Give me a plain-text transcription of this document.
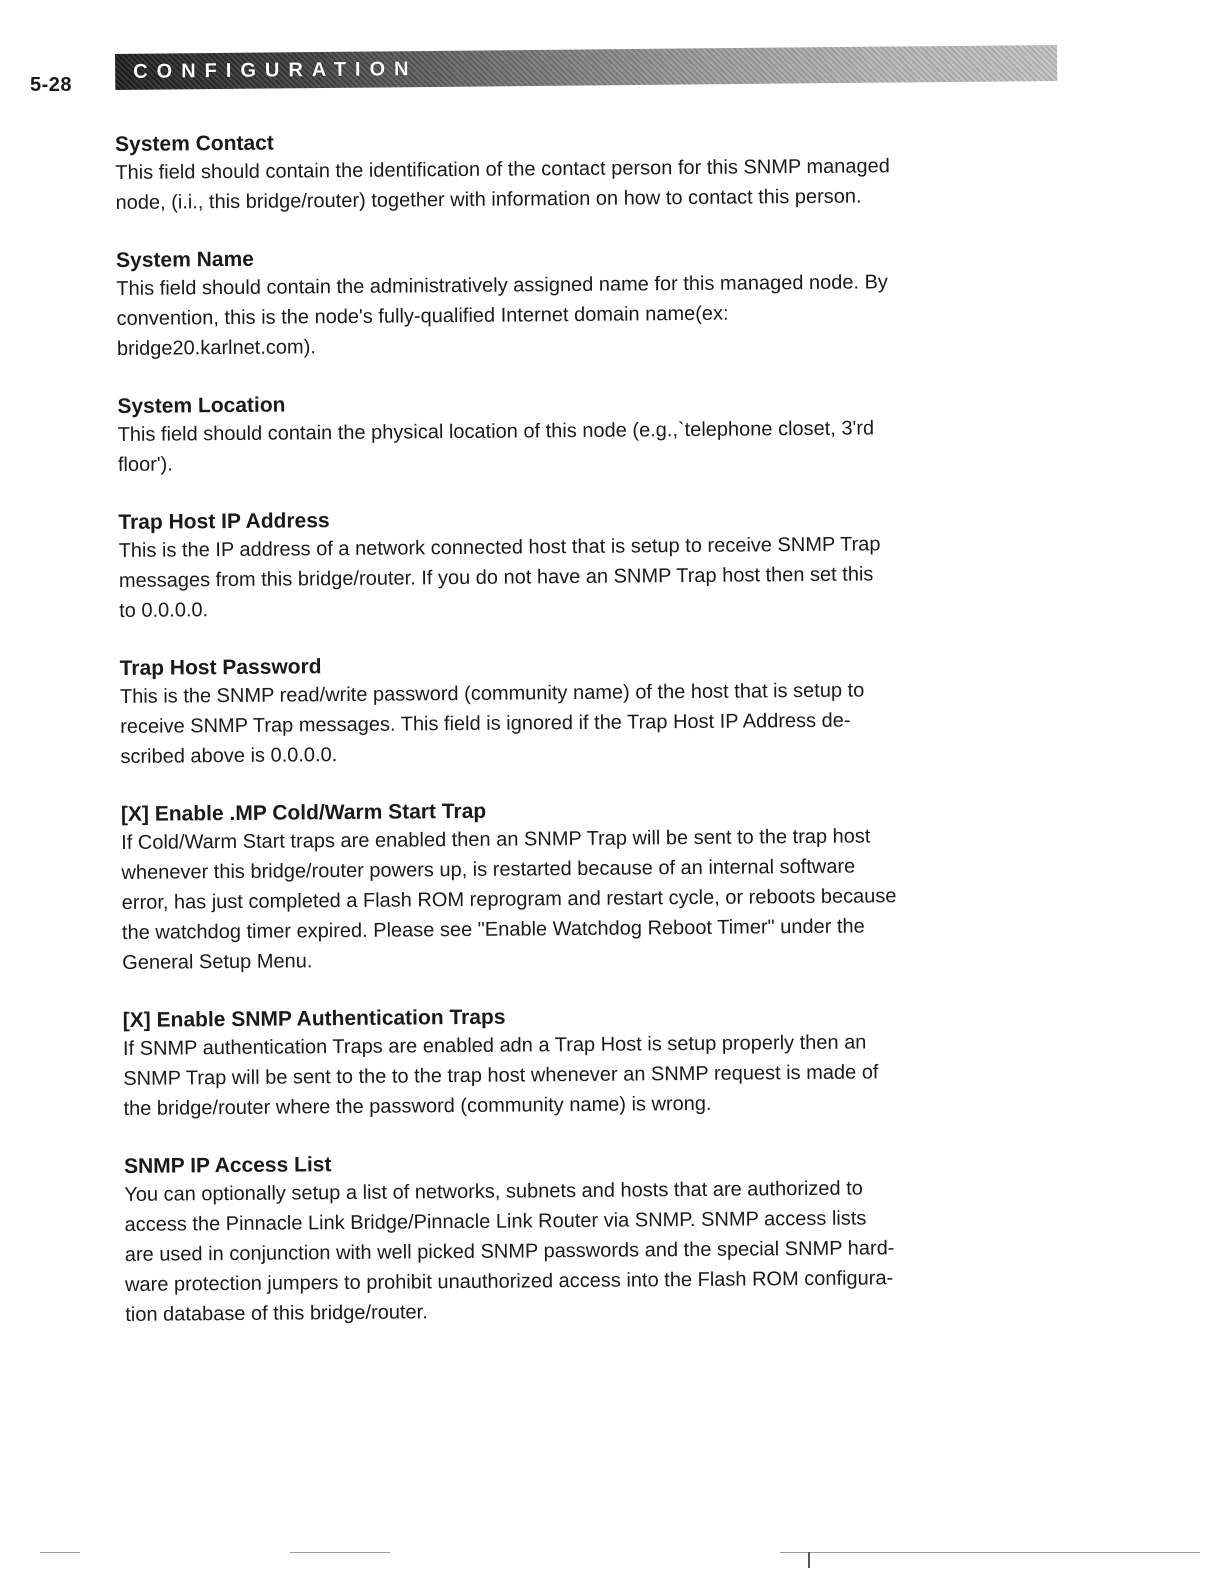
5-28
CONFIGURATION

System Contact

This field should contain the identification of the contact person for this SNMP managed
node, (i.i., this bridge/router) together with information on how to contact this person.

System Name

This field should contain the administratively assigned name for this managed node. By
convention, this is the node's fully-qualified Internet domain name(ex:
bridge20.karlnet.com).

System Location

This field should contain the physical location of this node (e.g.,`telephone closet, 3'rd
floor').

Trap Host IP Address

This is the IP address of a network connected host that is setup to receive SNMP Trap
messages from this bridge/router. If you do not have an SNMP Trap host then set this
to 0.0.0.0.

Trap Host Password

This is the SNMP read/write password (community name) of the host that is setup to
receive SNMP Trap messages. This field is ignored if the Trap Host IP Address de-
scribed above is 0.0.0.0.

[X] Enable .MP Cold/Warm Start Trap

If Cold/Warm Start traps are enabled then an SNMP Trap will be sent to the trap host
whenever this bridge/router powers up, is restarted because of an internal software
error, has just completed a Flash ROM reprogram and restart cycle, or reboots because
the watchdog timer expired. Please see "Enable Watchdog Reboot Timer" under the
General Setup Menu.

[X] Enable SNMP Authentication Traps

If SNMP authentication Traps are enabled adn a Trap Host is setup properly then an
SNMP Trap will be sent to the to the trap host whenever an SNMP request is made of
the bridge/router where the password (community name) is wrong.

SNMP IP Access List

You can optionally setup a list of networks, subnets and hosts that are authorized to
access the Pinnacle Link Bridge/Pinnacle Link Router via SNMP. SNMP access lists
are used in conjunction with well picked SNMP passwords and the special SNMP hard-
ware protection jumpers to prohibit unauthorized access into the Flash ROM configura-
tion database of this bridge/router.
